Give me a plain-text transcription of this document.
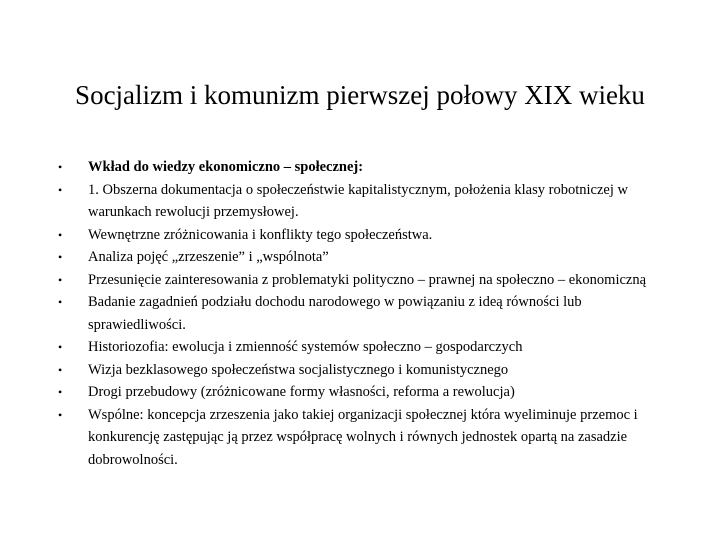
Socjalizm i komunizm pierwszej połowy XIX wieku
•	Wkład do wiedzy ekonomiczno – społecznej:
•	1. Obszerna dokumentacja o społeczeństwie kapitalistycznym, położenia klasy robotniczej w warunkach rewolucji przemysłowej.
•	Wewnętrzne zróżnicowania i konflikty tego społeczeństwa.
•	Analiza pojęć „zrzeszenie” i „wspólnota”
•	Przesunięcie zainteresowania z problematyki polityczno – prawnej na społeczno – ekonomiczną
•	Badanie zagadnień podziału dochodu narodowego w powiązaniu z ideą równości lub sprawiedliwości.
•	Historiozofia: ewolucja i zmienność systemów społeczno – gospodarczych
•	Wizja bezklasowego społeczeństwa socjalistycznego i komunistycznego
•	Drogi przebudowy (zróżnicowane formy własności, reforma a rewolucja)
•	Wspólne: koncepcja zrzeszenia jako takiej organizacji społecznej która wyeliminuje przemoc i konkurencję zastępując ją przez współpracę wolnych i równych jednostek opartą na zasadzie dobrowolności.
